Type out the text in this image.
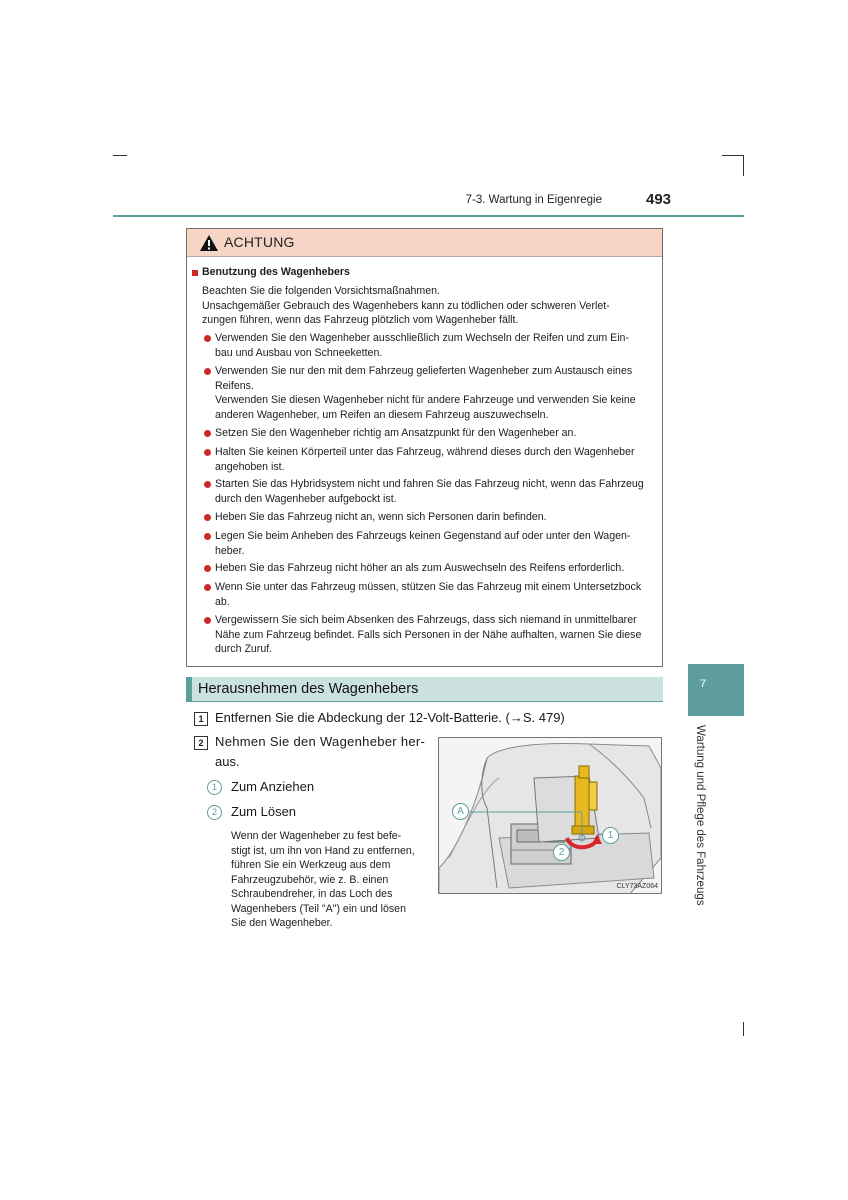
7-3. Wartung in Eigenregie	493
ACHTUNG
Benutzung des Wagenhebers
Beachten Sie die folgenden Vorsichtsmaßnahmen.
Unsachgemäßer Gebrauch des Wagenhebers kann zu tödlichen oder schweren Verlet-
zungen führen, wenn das Fahrzeug plötzlich vom Wagenheber fällt.
Verwenden Sie den Wagenheber ausschließlich zum Wechseln der Reifen und zum Ein-
bau und Ausbau von Schneeketten.
Verwenden Sie nur den mit dem Fahrzeug gelieferten Wagenheber zum Austausch eines
Reifens.
Verwenden Sie diesen Wagenheber nicht für andere Fahrzeuge und verwenden Sie keine
anderen Wagenheber, um Reifen an diesem Fahrzeug auszuwechseln.
Setzen Sie den Wagenheber richtig am Ansatzpunkt für den Wagenheber an.
Halten Sie keinen Körperteil unter das Fahrzeug, während dieses durch den Wagenheber
angehoben ist.
Starten Sie das Hybridsystem nicht und fahren Sie das Fahrzeug nicht, wenn das Fahrzeug
durch den Wagenheber aufgebockt ist.
Heben Sie das Fahrzeug nicht an, wenn sich Personen darin befinden.
Legen Sie beim Anheben des Fahrzeugs keinen Gegenstand auf oder unter den Wagen-
heber.
Heben Sie das Fahrzeug nicht höher an als zum Auswechseln des Reifens erforderlich.
Wenn Sie unter das Fahrzeug müssen, stützen Sie das Fahrzeug mit einem Untersetzbock
ab.
Vergewissern Sie sich beim Absenken des Fahrzeugs, dass sich niemand in unmittelbarer
Nähe zum Fahrzeug befindet. Falls sich Personen in der Nähe aufhalten, warnen Sie diese
durch Zuruf.
Herausnehmen des Wagenhebers
1 Entfernen Sie die Abdeckung der 12-Volt-Batterie. (→S. 479)
2 Nehmen Sie den Wagenheber her-
aus.
1	Zum Anziehen
2	Zum Lösen
Wenn der Wagenheber zu fest befe-
stigt ist, um ihn von Hand zu entfernen,
führen Sie ein Werkzeug aus dem
Fahrzeugzubehör, wie z. B. einen
Schraubendreher, in das Loch des
Wagenhebers (Teil "A") ein und lösen
Sie den Wagenheber.
A
1
2
CLY73AZ064
7
Wartung und Pflege des Fahrzeugs
